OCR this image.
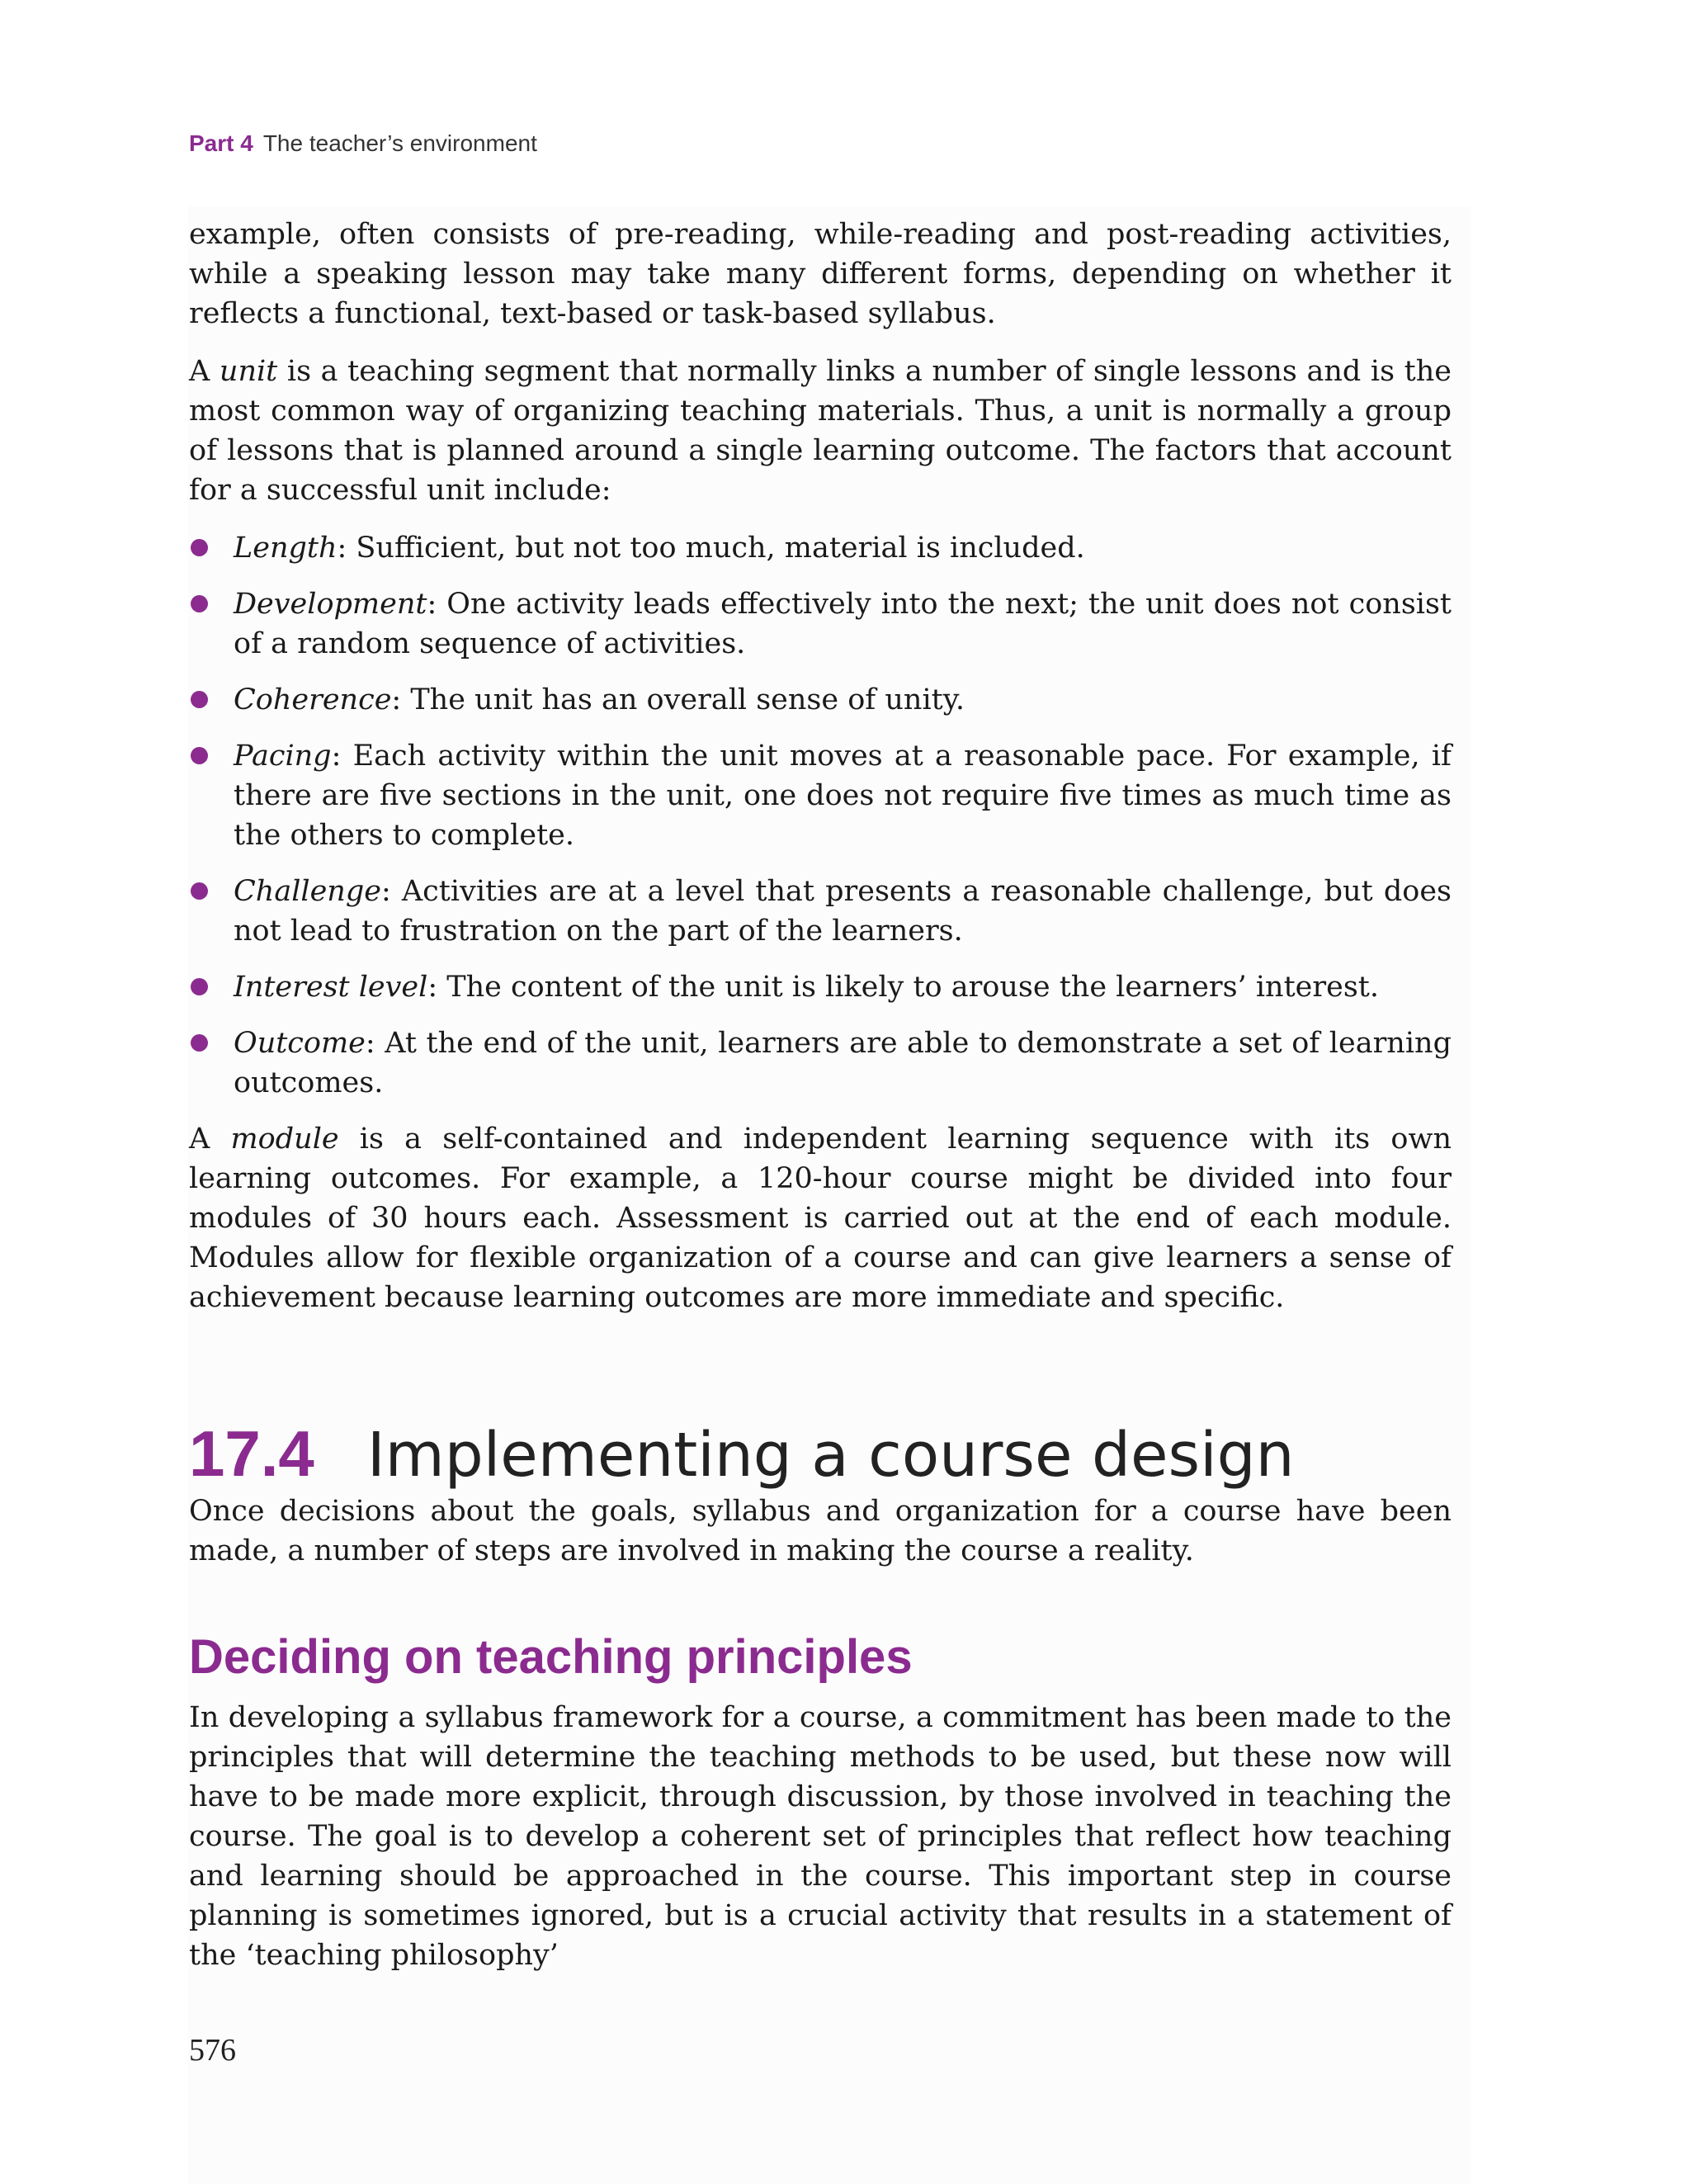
Part 4 The teacher’s environment

example, often consists of pre-reading, while-reading and post-reading activities, while a speaking lesson may take many different forms, depending on whether it reflects a functional, text-based or task-based syllabus.

A unit is a teaching segment that normally links a number of single lessons and is the most common way of organizing teaching materials. Thus, a unit is normally a group of lessons that is planned around a single learning outcome. The factors that account for a successful unit include:

Length: Sufficient, but not too much, material is included.
Development: One activity leads effectively into the next; the unit does not consist of a random sequence of activities.
Coherence: The unit has an overall sense of unity.
Pacing: Each activity within the unit moves at a reasonable pace. For example, if there are five sections in the unit, one does not require five times as much time as the others to complete.
Challenge: Activities are at a level that presents a reasonable challenge, but does not lead to frustration on the part of the learners.
Interest level: The content of the unit is likely to arouse the learners’ interest.
Outcome: At the end of the unit, learners are able to demonstrate a set of learning outcomes.

A module is a self-contained and independent learning sequence with its own learning outcomes. For example, a 120-hour course might be divided into four modules of 30 hours each. Assessment is carried out at the end of each module. Modules allow for flexible organization of a course and can give learners a sense of achievement because learning outcomes are more immediate and specific.

17.4 Implementing a course design

Once decisions about the goals, syllabus and organization for a course have been made, a number of steps are involved in making the course a reality.

Deciding on teaching principles

In developing a syllabus framework for a course, a commitment has been made to the principles that will determine the teaching methods to be used, but these now will have to be made more explicit, through discussion, by those involved in teaching the course. The goal is to develop a coherent set of principles that reflect how teaching and learning should be approached in the course. This important step in course planning is sometimes ignored, but is a crucial activity that results in a statement of the ‘teaching philosophy’

576
